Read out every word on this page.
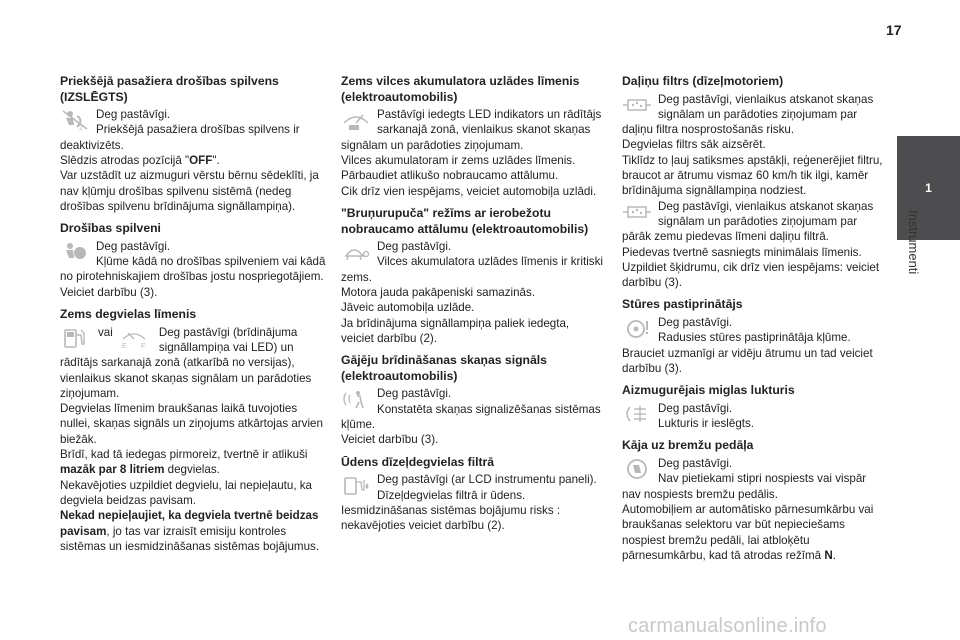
17
1
Instrumenti
Priekšējā pasažiera drošības spilvens (IZSLĒGTS)
2

Deg pastāvīgi.

Priekšējā pasažiera drošības spilvens ir deaktivizēts.

Slēdzis atrodas pozīcijā "OFF".

Var uzstādīt uz aizmuguri vērstu bērnu sēdeklīti, ja nav kļūmju drošības spilvenu sistēmā (nedeg drošības spilvenu brīdinājuma signāllampiņa).

Drošības spilveni

Deg pastāvīgi.

Kļūme kādā no drošības spilveniem vai kādā no pirotehniskajiem drošības jostu nospriegotājiem.

Veiciet darbību (3).

Zems degvielas līmenis
vai
E F
Deg pastāvīgi (brīdinājuma signāllampiņa vai LED) un rādītājs sarkanajā zonā (atkarībā no versijas), vienlaikus skanot skaņas signālam un parādoties ziņojumam.

Degvielas līmenim braukšanas laikā tuvojoties nullei, skaņas signāls un ziņojums atkārtojas arvien biežāk.

Brīdī, kad tā iedegas pirmoreiz, tvertnē ir atlikuši mazāk par 8 litriem degvielas.

Nekavējoties uzpildiet degvielu, lai nepieļautu, ka degviela beidzas pavisam.

Nekad nepieļaujiet, ka degviela tvertnē beidzas pavisam, jo tas var izraisīt emisiju kontroles sistēmas un iesmidzināšanas sistēmas bojājumus.

Zems vilces akumulatora uzlādes līmenis (elektroautomobilis)

Pastāvīgi iedegts LED indikators un rādītājs sarkanajā zonā, vienlaikus skanot skaņas signālam un parādoties ziņojumam.

Vilces akumulatoram ir zems uzlādes līmenis.

Pārbaudiet atlikušo nobraucamo attālumu.

Cik drīz vien iespējams, veiciet automobiļa uzlādi.

"Bruņurupuča" režīms ar ierobežotu nobraucamo attālumu (elektroautomobilis)

Deg pastāvīgi.

Vilces akumulatora uzlādes līmenis ir kritiski zems.

Motora jauda pakāpeniski samazinās.

Jāveic automobiļa uzlāde.

Ja brīdinājuma signāllampiņa paliek iedegta, veiciet darbību (2).

Gājēju brīdināšanas skaņas signāls (elektroautomobilis)

Deg pastāvīgi.

Konstatēta skaņas signalizēšanas sistēmas kļūme.

Veiciet darbību (3).

Ūdens dīzeļdegvielas filtrā

Deg pastāvīgi (ar LCD instrumentu paneli).

Dīzeļdegvielas filtrā ir ūdens.

Iesmidzināšanas sistēmas bojājumu risks : nekavējoties veiciet darbību (2).

Daļiņu filtrs (dīzeļmotoriem)

Deg pastāvīgi, vienlaikus atskanot skaņas signālam un parādoties ziņojumam par daļiņu filtra nosprostošanās risku.

Degvielas filtrs sāk aizsērēt.

Tiklīdz to ļauj satiksmes apstākļi, reģenerējiet filtru, braucot ar ātrumu vismaz 60 km/h tik ilgi, kamēr brīdinājuma signāllampiņa nodziest.

Deg pastāvīgi, vienlaikus atskanot skaņas signālam un parādoties ziņojumam par pārāk zemu piedevas līmeni daļiņu filtrā.

Piedevas tvertnē sasniegts minimālais līmenis.

Uzpildiet šķidrumu, cik drīz vien iespējams: veiciet darbību (3).

Stūres pastiprinātājs

Deg pastāvīgi.

Radusies stūres pastiprinātāja kļūme.

Brauciet uzmanīgi ar vidēju ātrumu un tad veiciet darbību (3).

Aizmugurējais miglas lukturis

Deg pastāvīgi.

Lukturis ir ieslēgts.

Kāja uz bremžu pedāļa

Deg pastāvīgi.

Nav pietiekami stipri nospiests vai vispār nav nospiests bremžu pedālis.

Automobiļiem ar automātisko pārnesumkārbu vai braukšanas selektoru var būt nepieciešams nospiest bremžu pedāli, lai atbloķētu pārnesumkārbu, kad tā atrodas režīmā N.

carmanualsonline.info
